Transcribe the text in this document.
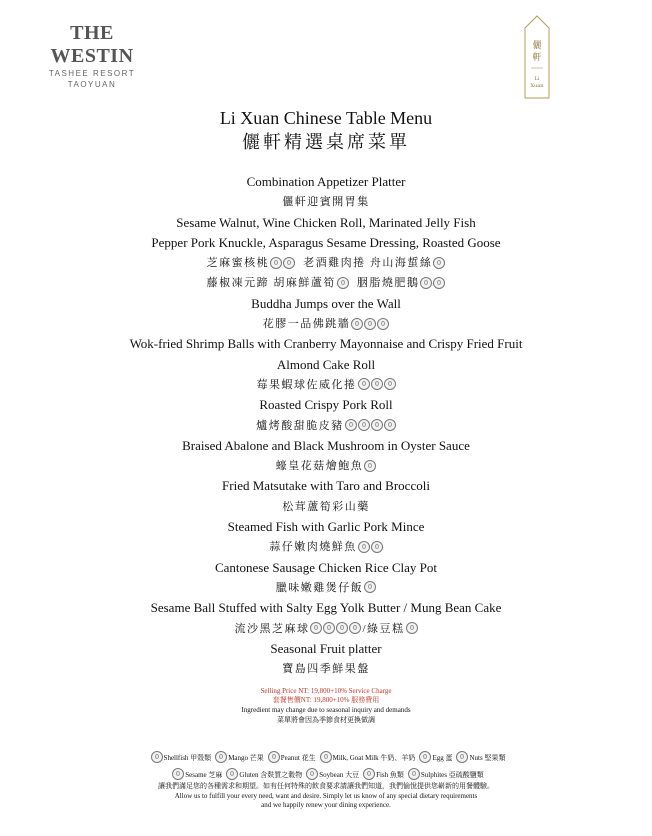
THE WESTIN
TASHEE RESORT
TAOYUAN
儷
軒
Li
Xuan
Li Xuan Chinese Table Menu
儷軒精選桌席菜單
Combination Appetizer Platter
儷軒迎賓開胃集
Sesame Walnut, Wine Chicken Roll, Marinated Jelly Fish
Pepper Pork Knuckle, Asparagus Sesame Dressing, Roasted Goose
芝麻蜜核桃	老酒雞肉捲 舟山海蜇絲
藤椒凍元蹄 胡麻鮮蘆筍 胭脂燒肥鵝
Buddha Jumps over the Wall
花膠一品佛跳牆
Wok-fried Shrimp Balls with Cranberry Mayonnaise and Crispy Fried Fruit
Almond Cake Roll
莓果蝦球佐威化捲
Roasted Crispy Pork Roll
爐烤酸甜脆皮豬
Braised Abalone and Black Mushroom in Oyster Sauce
蠔皇花菇燴鮑魚
Fried Matsutake with Taro and Broccoli
松茸蘆筍彩山藥
Steamed Fish with Garlic Pork Mince
蒜仔嫩肉燒鮮魚
Cantonese Sausage Chicken Rice Clay Pot
臘味嫩雞煲仔飯
Sesame Ball Stuffed with Salty Egg Yolk Butter / Mung Bean Cake
流沙黑芝麻球	/綠豆糕
Seasonal Fruit platter
寶島四季鮮果盤
Selling Price NT: 19,800+10% Service Charge
套餐售價NT: 19,800+10% 服務費用
Ingredient may change due to seasonal inquiry and demands
菜單將會因為季節食材更換做調
Shellfish 甲殼類 Mango 芒果 Peanut 花生 Milk, Goat Milk 牛奶、羊奶 Egg 蛋 Nuts 堅果類
Sesame 芝麻 Gluten 含麩質之穀物 Soybean 大豆 Fish 魚類 Sulphites 亞硫酸鹽類
讓我們滿足您的各種需求和期望。如有任何特殊的飲食要求請讓我們知道，我們愉悅提供您嶄新的用餐體驗。
Allow us to fulfill your every need, want and desire. Simply let us know of any special dietary requirements
and we happily renew your dining experience.
